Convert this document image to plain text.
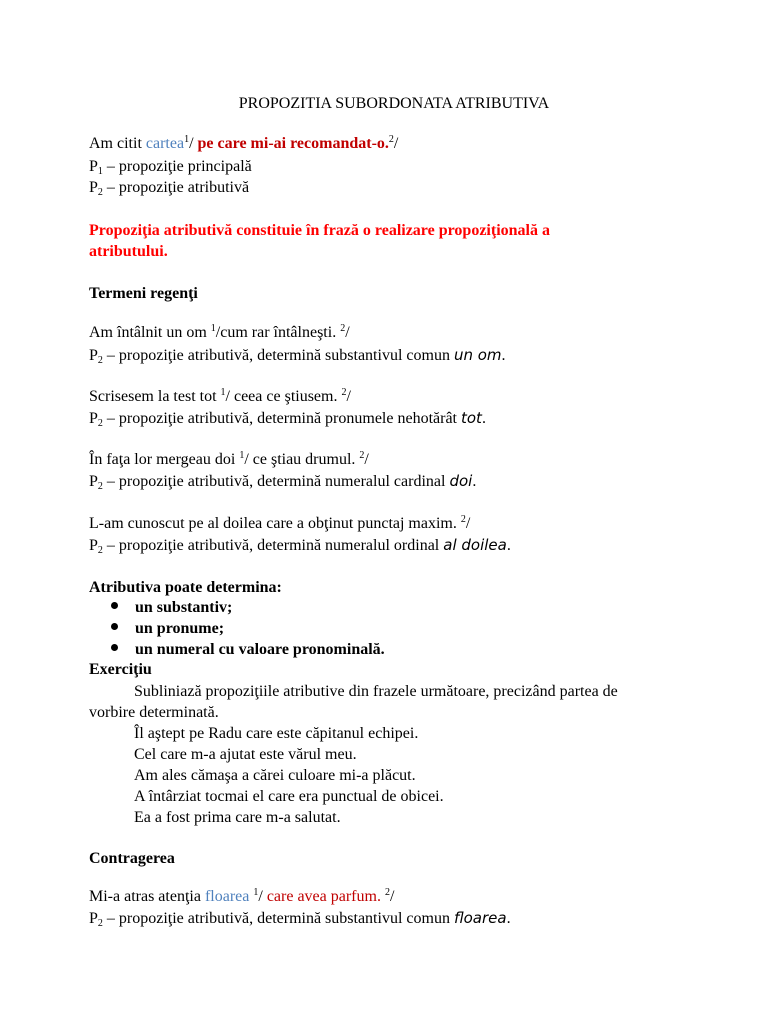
PROPOZITIA SUBORDONATA ATRIBUTIVA
Am citit cartea$^1$/ pe care mi-ai recomandat-o.$^2$/
$P_1$ – propoziţie principală
$P_2$ – propoziţie atributivă
Propoziţia atributivă constituie în frază o realizare propoziţională a
atributului.
Termeni regenţi
Am întâlnit un om $^1$/cum rar întâlneşti. $^2$/
$P_2$ – propoziţie atributivă, determină substantivul comun un om.
Scrisesem la test tot $^1$/ ceea ce ştiusem. $^2$/
$P_2$ – propoziţie atributivă, determină pronumele nehotărât tot.
În faţa lor mergeau doi $^1$/ ce ştiau drumul. $^2$/
$P_2$ – propoziţie atributivă, determină numeralul cardinal doi.
L-am cunoscut pe al doilea care a obţinut punctaj maxim. $^2$/
$P_2$ – propoziţie atributivă, determină numeralul ordinal al doilea.
Atributiva poate determina:
un substantiv;
un pronume;
un numeral cu valoare pronominală.
Exerciţiu
Subliniază propoziţiile atributive din frazele următoare, precizând partea de
vorbire determinată.
Îl aştept pe Radu care este căpitanul echipei.
Cel care m-a ajutat este vărul meu.
Am ales cămaşa a cărei culoare mi-a plăcut.
A întârziat tocmai el care era punctual de obicei.
Ea a fost prima care m-a salutat.
Contragerea
Mi-a atras atenţia floarea $^1$/ care avea parfum. $^2$/
$P_2$ – propoziţie atributivă, determină substantivul comun floarea.
